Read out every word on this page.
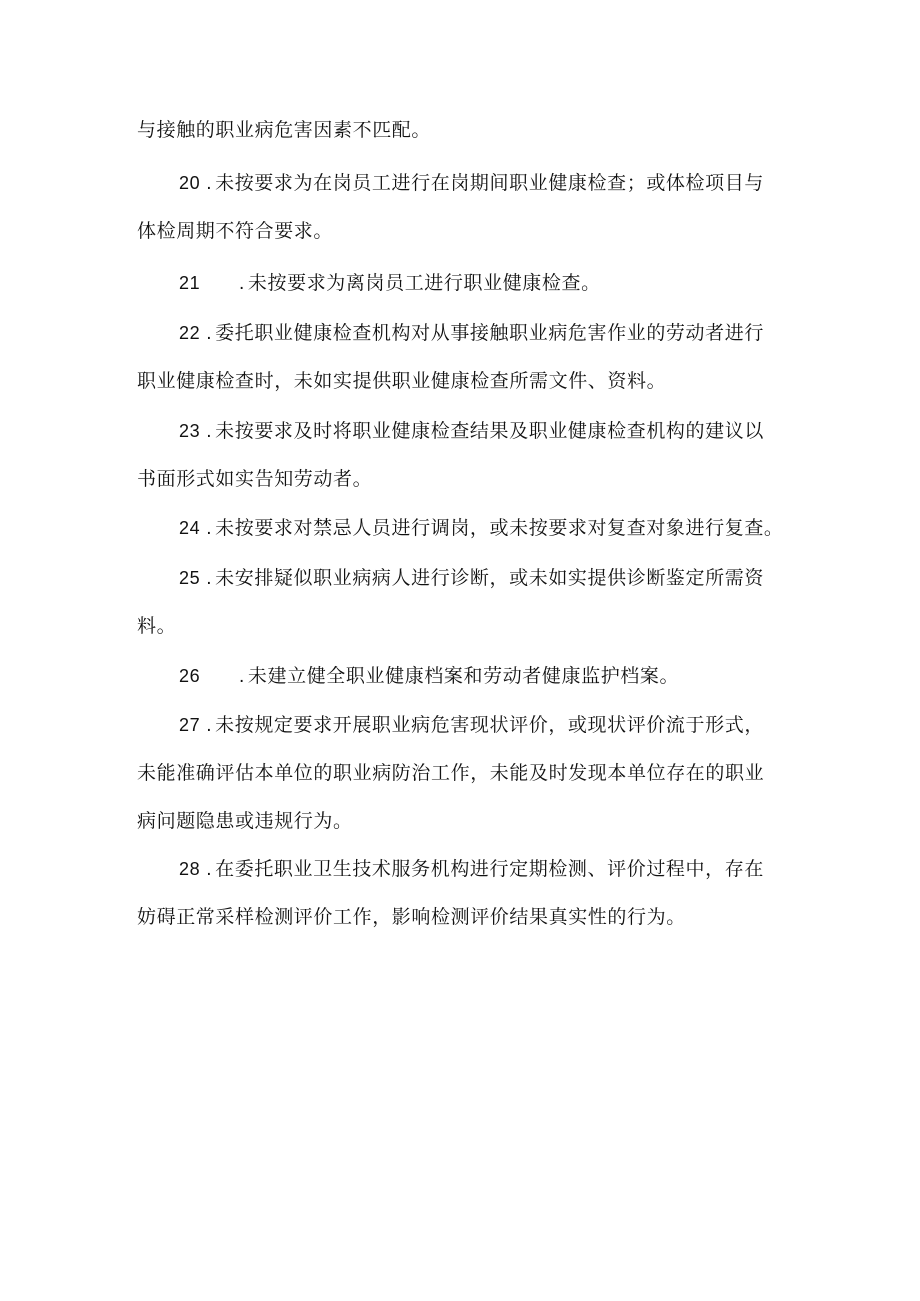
与接触的职业病危害因素不匹配。
20 . 未按要求为在岗员工进行在岗期间职业健康检查；或体检项目与
体检周期不符合要求。
21 . 未按要求为离岗员工进行职业健康检查。
22 . 委托职业健康检查机构对从事接触职业病危害作业的劳动者进行
职业健康检查时，未如实提供职业健康检查所需文件、资料。
23 . 未按要求及时将职业健康检查结果及职业健康检查机构的建议以
书面形式如实告知劳动者。
24 . 未按要求对禁忌人员进行调岗，或未按要求对复查对象进行复查。
25 . 未安排疑似职业病病人进行诊断，或未如实提供诊断鉴定所需资
料。
26 . 未建立健全职业健康档案和劳动者健康监护档案。
27 . 未按规定要求开展职业病危害现状评价，或现状评价流于形式，
未能准确评估本单位的职业病防治工作，未能及时发现本单位存在的职业
病问题隐患或违规行为。
28 . 在委托职业卫生技术服务机构进行定期检测、评价过程中，存在
妨碍正常采样检测评价工作，影响检测评价结果真实性的行为。
